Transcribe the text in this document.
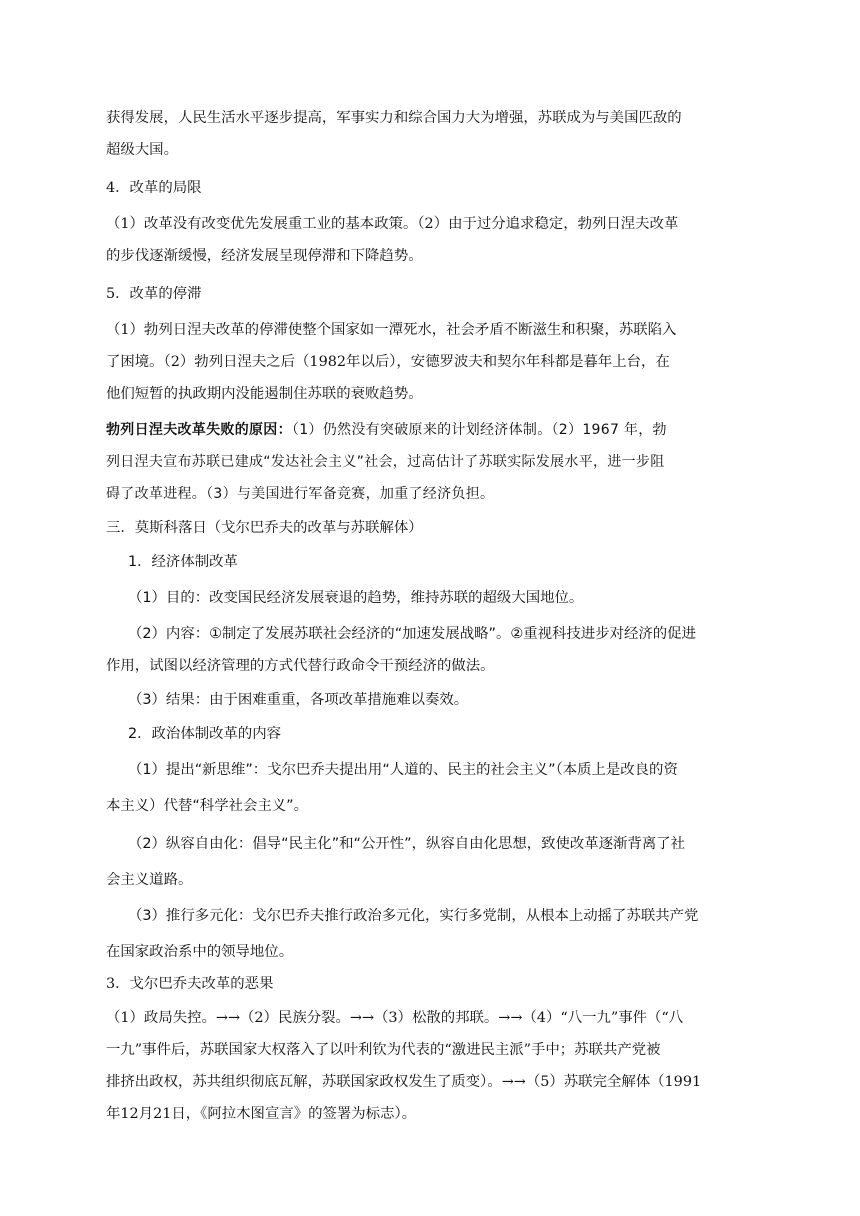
获得发展，人民生活水平逐步提高，军事实力和综合国力大为增强，苏联成为与美国匹敌的

超级大国。

4．改革的局限

（1）改革没有改变优先发展重工业的基本政策。（2）由于过分追求稳定，勃列日涅夫改革

的步伐逐渐缓慢，经济发展呈现停滞和下降趋势。

5．改革的停滞

（1）勃列日涅夫改革的停滞使整个国家如一潭死水，社会矛盾不断滋生和积聚，苏联陷入

了困境。（2）勃列日涅夫之后（1982年以后），安德罗波夫和契尔年科都是暮年上台，在

他们短暂的执政期内没能遏制住苏联的衰败趋势。

勃列日涅夫改革失败的原因：（1）仍然没有突破原来的计划经济体制。（2）1967 年，勃

列日涅夫宣布苏联已建成“发达社会主义”社会，过高估计了苏联实际发展水平，进一步阻

碍了改革进程。（3）与美国进行军备竞赛，加重了经济负担。

三．莫斯科落日（戈尔巴乔夫的改革与苏联解体）

1．经济体制改革

（1）目的：改变国民经济发展衰退的趋势，维持苏联的超级大国地位。

（2）内容：①制定了发展苏联社会经济的“加速发展战略”。②重视科技进步对经济的促进

作用，试图以经济管理的方式代替行政命令干预经济的做法。

（3）结果：由于困难重重，各项改革措施难以奏效。

2．政治体制改革的内容

（1）提出“新思维”：戈尔巴乔夫提出用“人道的、民主的社会主义”（本质上是改良的资

本主义）代替“科学社会主义”。

（2）纵容自由化：倡导“民主化”和“公开性”，纵容自由化思想，致使改革逐渐背离了社

会主义道路。

（3）推行多元化：戈尔巴乔夫推行政治多元化，实行多党制，从根本上动摇了苏联共产党

在国家政治系中的领导地位。

3．戈尔巴乔夫改革的恶果

（1）政局失控。→→（2）民族分裂。→→（3）松散的邦联。→→（4）“八一九”事件（“八

一九”事件后，苏联国家大权落入了以叶利钦为代表的“激进民主派”手中；苏联共产党被

排挤出政权，苏共组织彻底瓦解，苏联国家政权发生了质变）。→→（5）苏联完全解体（1991

年12月21日，《阿拉木图宣言》的签署为标志）。
